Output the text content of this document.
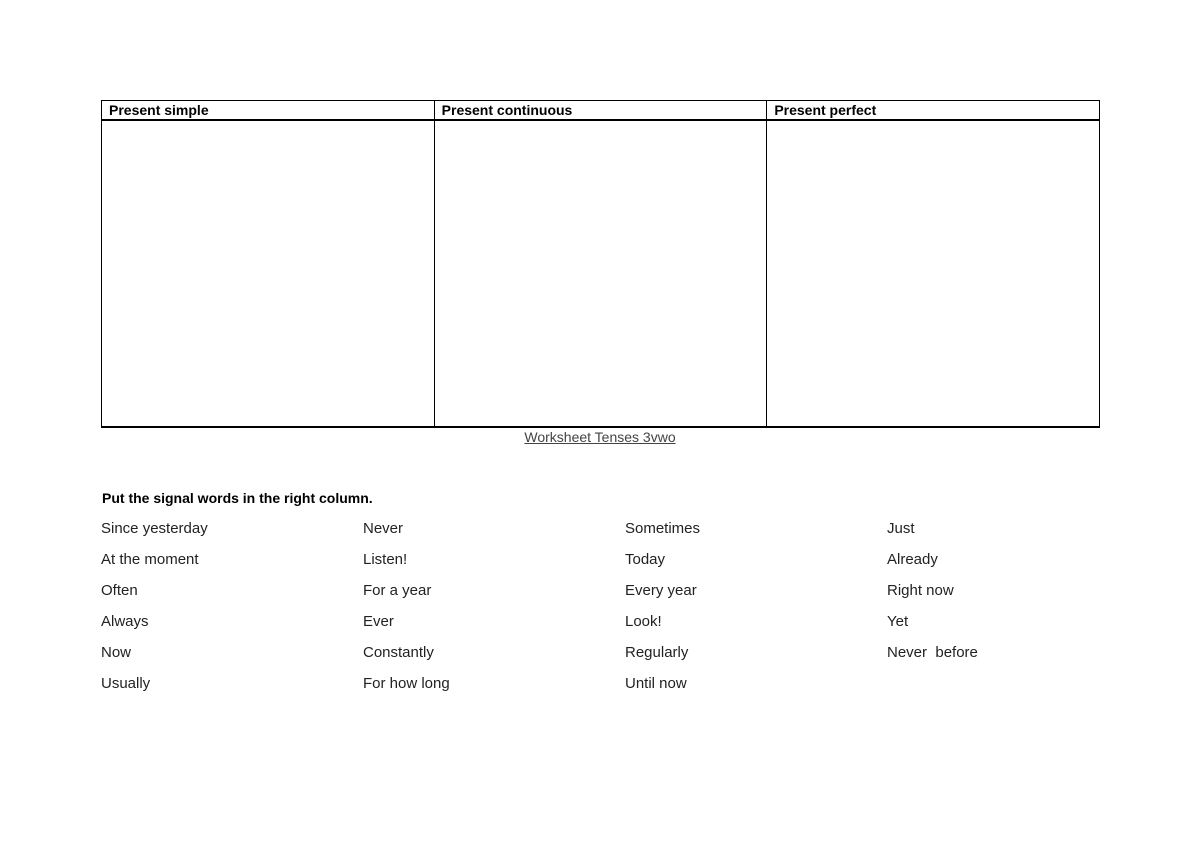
Present simple	Present continuous	Present perfect

Worksheet Tenses 3vwo
Put the signal words in the right column.
Since yesterday	Never	Sometimes	Just
At the moment	Listen!	Today	Already
Often	For a year	Every year	Right now
Always	Ever	Look!	Yet
Now	Constantly	Regularly	Never  before
Usually	For how long	Until now
